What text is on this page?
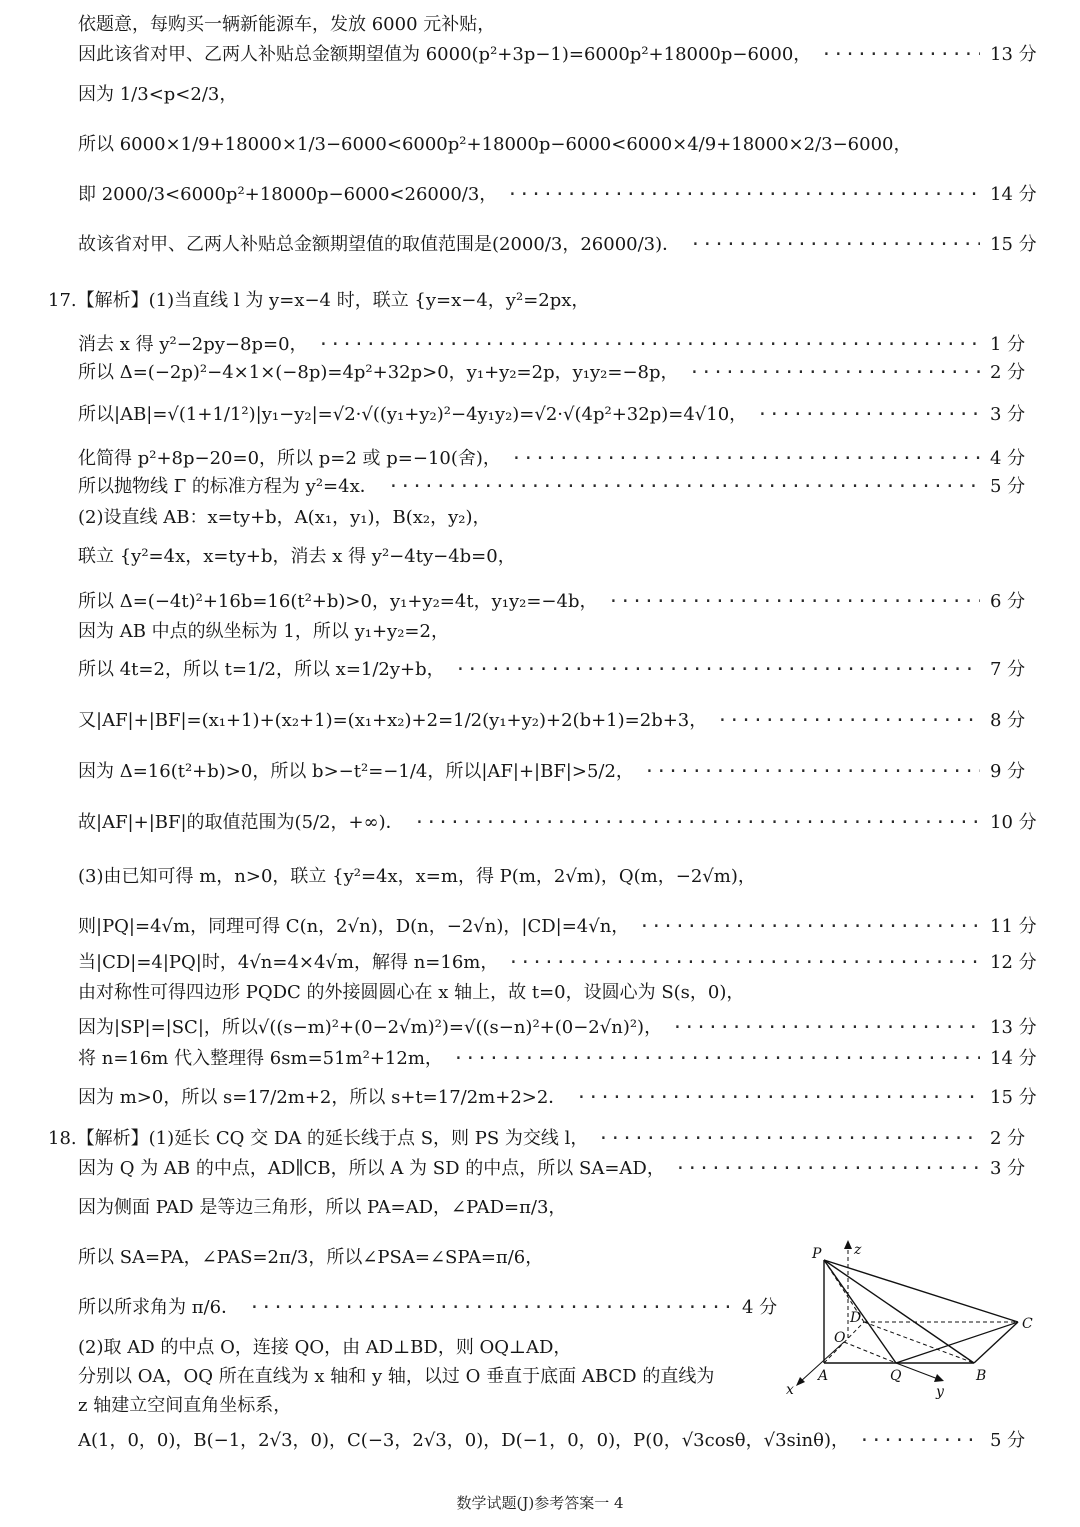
依题意，每购买一辆新能源车，发放 6000 元补贴，
因此该省对甲、乙两人补贴总金额期望值为 6000(p²+3p−1)=6000p²+18000p−6000，	13 分
·····
因为 1/3<p<2/3，
所以 6000×1/9+18000×1/3−6000<6000p²+18000p−6000<6000×4/9+18000×2/3−6000，
即 2000/3<6000p²+18000p−6000<26000/3，	14 分
·····
故该省对甲、乙两人补贴总金额期望值的取值范围是(2000/3，26000/3)．	15 分
·····
17.【解析】(1)当直线 l 为 y=x−4 时，联立 {y=x−4，y²=2px，
消去 x 得 y²−2py−8p=0，	1 分
·····
所以 Δ=(−2p)²−4×1×(−8p)=4p²+32p>0，y₁+y₂=2p，y₁y₂=−8p，	2 分
·····
所以|AB|=√(1+1/1²)|y₁−y₂|=√2·√((y₁+y₂)²−4y₁y₂)=√2·√(4p²+32p)=4√10，	3 分
·····
化简得 p²+8p−20=0，所以 p=2 或 p=−10(舍)，	4 分
·····
所以抛物线 Γ 的标准方程为 y²=4x．	5 分
·····
(2)设直线 AB：x=ty+b，A(x₁，y₁)，B(x₂，y₂)，
联立 {y²=4x，x=ty+b，消去 x 得 y²−4ty−4b=0，
所以 Δ=(−4t)²+16b=16(t²+b)>0，y₁+y₂=4t，y₁y₂=−4b，	6 分
·····
因为 AB 中点的纵坐标为 1，所以 y₁+y₂=2，
所以 4t=2，所以 t=1/2，所以 x=1/2y+b，	7 分
·····
又|AF|+|BF|=(x₁+1)+(x₂+1)=(x₁+x₂)+2=1/2(y₁+y₂)+2(b+1)=2b+3，	8 分
·····
因为 Δ=16(t²+b)>0，所以 b>−t²=−1/4，所以|AF|+|BF|>5/2，	9 分
·····
故|AF|+|BF|的取值范围为(5/2，+∞)．	10 分
·····
(3)由已知可得 m，n>0，联立 {y²=4x，x=m，得 P(m，2√m)，Q(m，−2√m)，
则|PQ|=4√m，同理可得 C(n，2√n)，D(n，−2√n)，|CD|=4√n，	11 分
·····
当|CD|=4|PQ|时，4√n=4×4√m，解得 n=16m，	12 分
·····
由对称性可得四边形 PQDC 的外接圆圆心在 x 轴上，故 t=0，设圆心为 S(s，0)，
因为|SP|=|SC|，所以√((s−m)²+(0−2√m)²)=√((s−n)²+(0−2√n)²)，	13 分
·····
将 n=16m 代入整理得 6sm=51m²+12m，	14 分
·····
因为 m>0，所以 s=17/2m+2，所以 s+t=17/2m+2>2．	15 分
·····
18.【解析】(1)延长 CQ 交 DA 的延长线于点 S，则 PS 为交线 l，	2 分
·····
因为 Q 为 AB 的中点，AD∥CB，所以 A 为 SD 的中点，所以 SA=AD，	3 分
·····
因为侧面 PAD 是等边三角形，所以 PA=AD，∠PAD=π/3，
所以 SA=PA，∠PAS=2π/3，所以∠PSA=∠SPA=π/6，
所以所求角为 π/6．	4 分
·····
(2)取 AD 的中点 O，连接 QO，由 AD⊥BD，则 OQ⊥AD，
分别以 OA，OQ 所在直线为 x 轴和 y 轴，以过 O 垂直于底面 ABCD 的直线为
z 轴建立空间直角坐标系，
A(1，0，0)，B(−1，2√3，0)，C(−3，2√3，0)，D(−1，0，0)，P(0，√3cosθ，√3sinθ)，	5 分
·····
P z
D
O
C
x
A	Q
y
B
数学试题(J)参考答案一 4
